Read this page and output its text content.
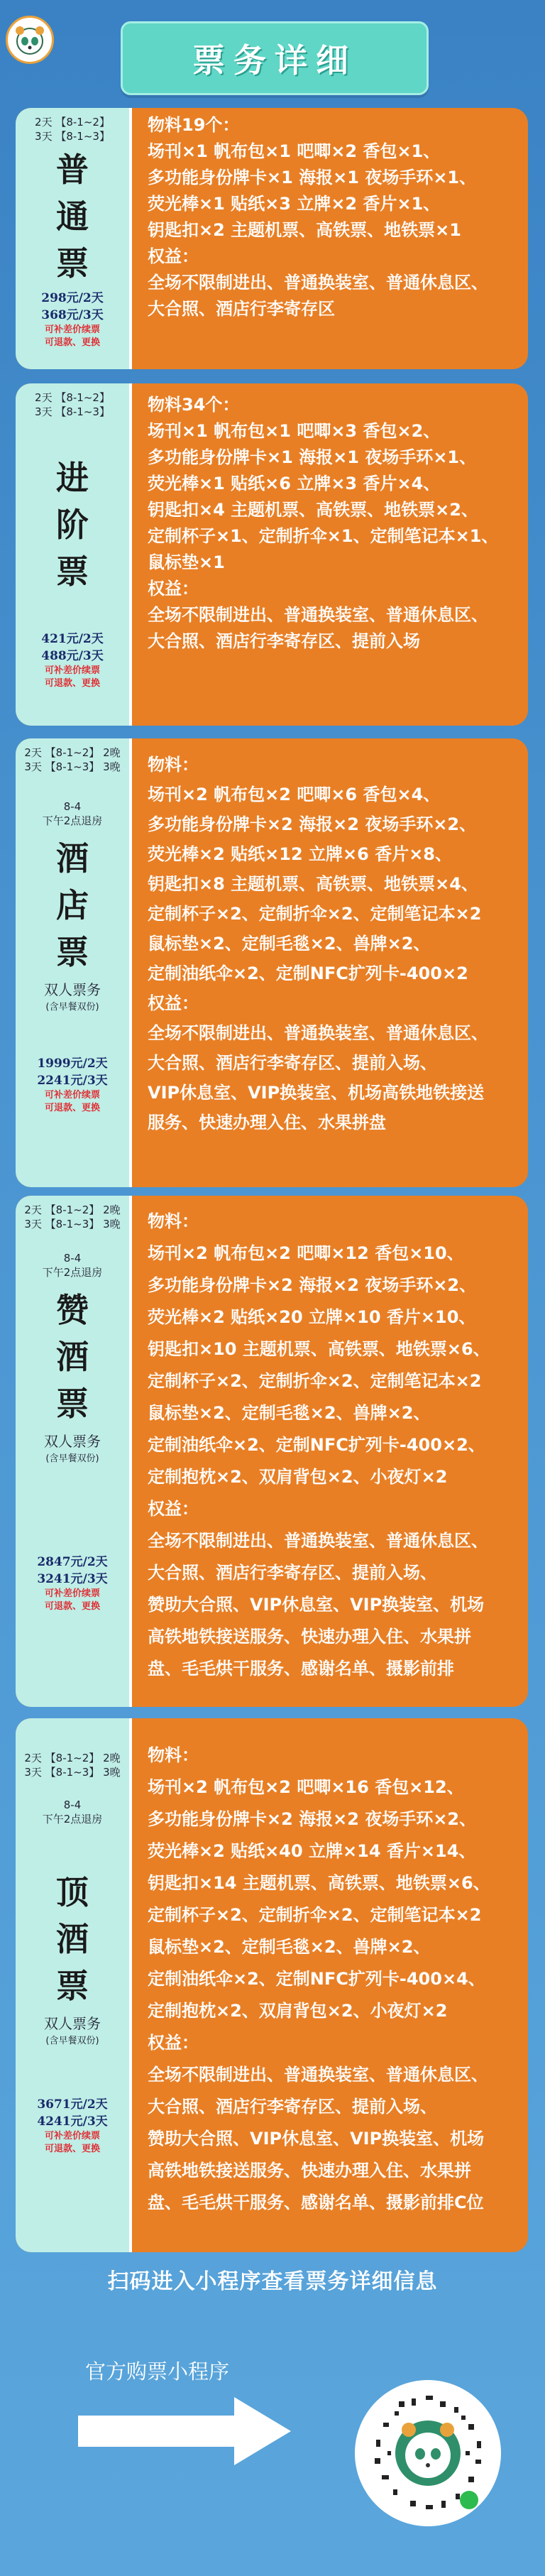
票务详细
2天 【8-1~2】
3天 【8-1~3】
普
通
票
298元/2天
368元/3天
可补差价续票
可退款、更换
物料19个：
场刊×1 帆布包×1 吧唧×2 香包×1、
多功能身份牌卡×1 海报×1 夜场手环×1、
荧光棒×1 贴纸×3 立牌×2 香片×1、
钥匙扣×2 主题机票、高铁票、地铁票×1
权益：
全场不限制进出、普通换装室、普通休息区、
大合照、酒店行李寄存区
2天 【8-1~2】
3天 【8-1~3】
进
阶
票
421元/2天
488元/3天
可补差价续票
可退款、更换
物料34个：
场刊×1 帆布包×1 吧唧×3 香包×2、
多功能身份牌卡×1 海报×1 夜场手环×1、
荧光棒×1 贴纸×6 立牌×3 香片×4、
钥匙扣×4 主题机票、高铁票、地铁票×2、
定制杯子×1、定制折伞×1、定制笔记本×1、
鼠标垫×1
权益：
全场不限制进出、普通换装室、普通休息区、
大合照、酒店行李寄存区、提前入场
2天 【8-1~2】 2晚
3天 【8-1~3】 3晚
8-4
下午2点退房
酒
店
票
双人票务
(含早餐双份)
1999元/2天
2241元/3天
可补差价续票
可退款、更换
物料：
场刊×2 帆布包×2 吧唧×6 香包×4、
多功能身份牌卡×2 海报×2 夜场手环×2、
荧光棒×2 贴纸×12 立牌×6 香片×8、
钥匙扣×8 主题机票、高铁票、地铁票×4、
定制杯子×2、定制折伞×2、定制笔记本×2
鼠标垫×2、定制毛毯×2、兽牌×2、
定制油纸伞×2、定制NFC扩列卡-400×2
权益：
全场不限制进出、普通换装室、普通休息区、
大合照、酒店行李寄存区、提前入场、
VIP休息室、VIP换装室、机场高铁地铁接送
服务、快速办理入住、水果拼盘
2天 【8-1~2】 2晚
3天 【8-1~3】 3晚
8-4
下午2点退房
赞
酒
票
双人票务
(含早餐双份)
2847元/2天
3241元/3天
可补差价续票
可退款、更换
物料：
场刊×2 帆布包×2 吧唧×12 香包×10、
多功能身份牌卡×2 海报×2 夜场手环×2、
荧光棒×2 贴纸×20 立牌×10 香片×10、
钥匙扣×10 主题机票、高铁票、地铁票×6、
定制杯子×2、定制折伞×2、定制笔记本×2
鼠标垫×2、定制毛毯×2、兽牌×2、
定制油纸伞×2、定制NFC扩列卡-400×2、
定制抱枕×2、双肩背包×2、小夜灯×2
权益：
全场不限制进出、普通换装室、普通休息区、
大合照、酒店行李寄存区、提前入场、
赞助大合照、VIP休息室、VIP换装室、机场
高铁地铁接送服务、快速办理入住、水果拼
盘、毛毛烘干服务、感谢名单、摄影前排
2天 【8-1~2】 2晚
3天 【8-1~3】 3晚
8-4
下午2点退房
顶
酒
票
双人票务
(含早餐双份)
3671元/2天
4241元/3天
可补差价续票
可退款、更换
物料：
场刊×2 帆布包×2 吧唧×16 香包×12、
多功能身份牌卡×2 海报×2 夜场手环×2、
荧光棒×2 贴纸×40 立牌×14 香片×14、
钥匙扣×14 主题机票、高铁票、地铁票×6、
定制杯子×2、定制折伞×2、定制笔记本×2
鼠标垫×2、定制毛毯×2、兽牌×2、
定制油纸伞×2、定制NFC扩列卡-400×4、
定制抱枕×2、双肩背包×2、小夜灯×2
权益：
全场不限制进出、普通换装室、普通休息区、
大合照、酒店行李寄存区、提前入场、
赞助大合照、VIP休息室、VIP换装室、机场
高铁地铁接送服务、快速办理入住、水果拼
盘、毛毛烘干服务、感谢名单、摄影前排C位
扫码进入小程序查看票务详细信息
官方购票小程序
